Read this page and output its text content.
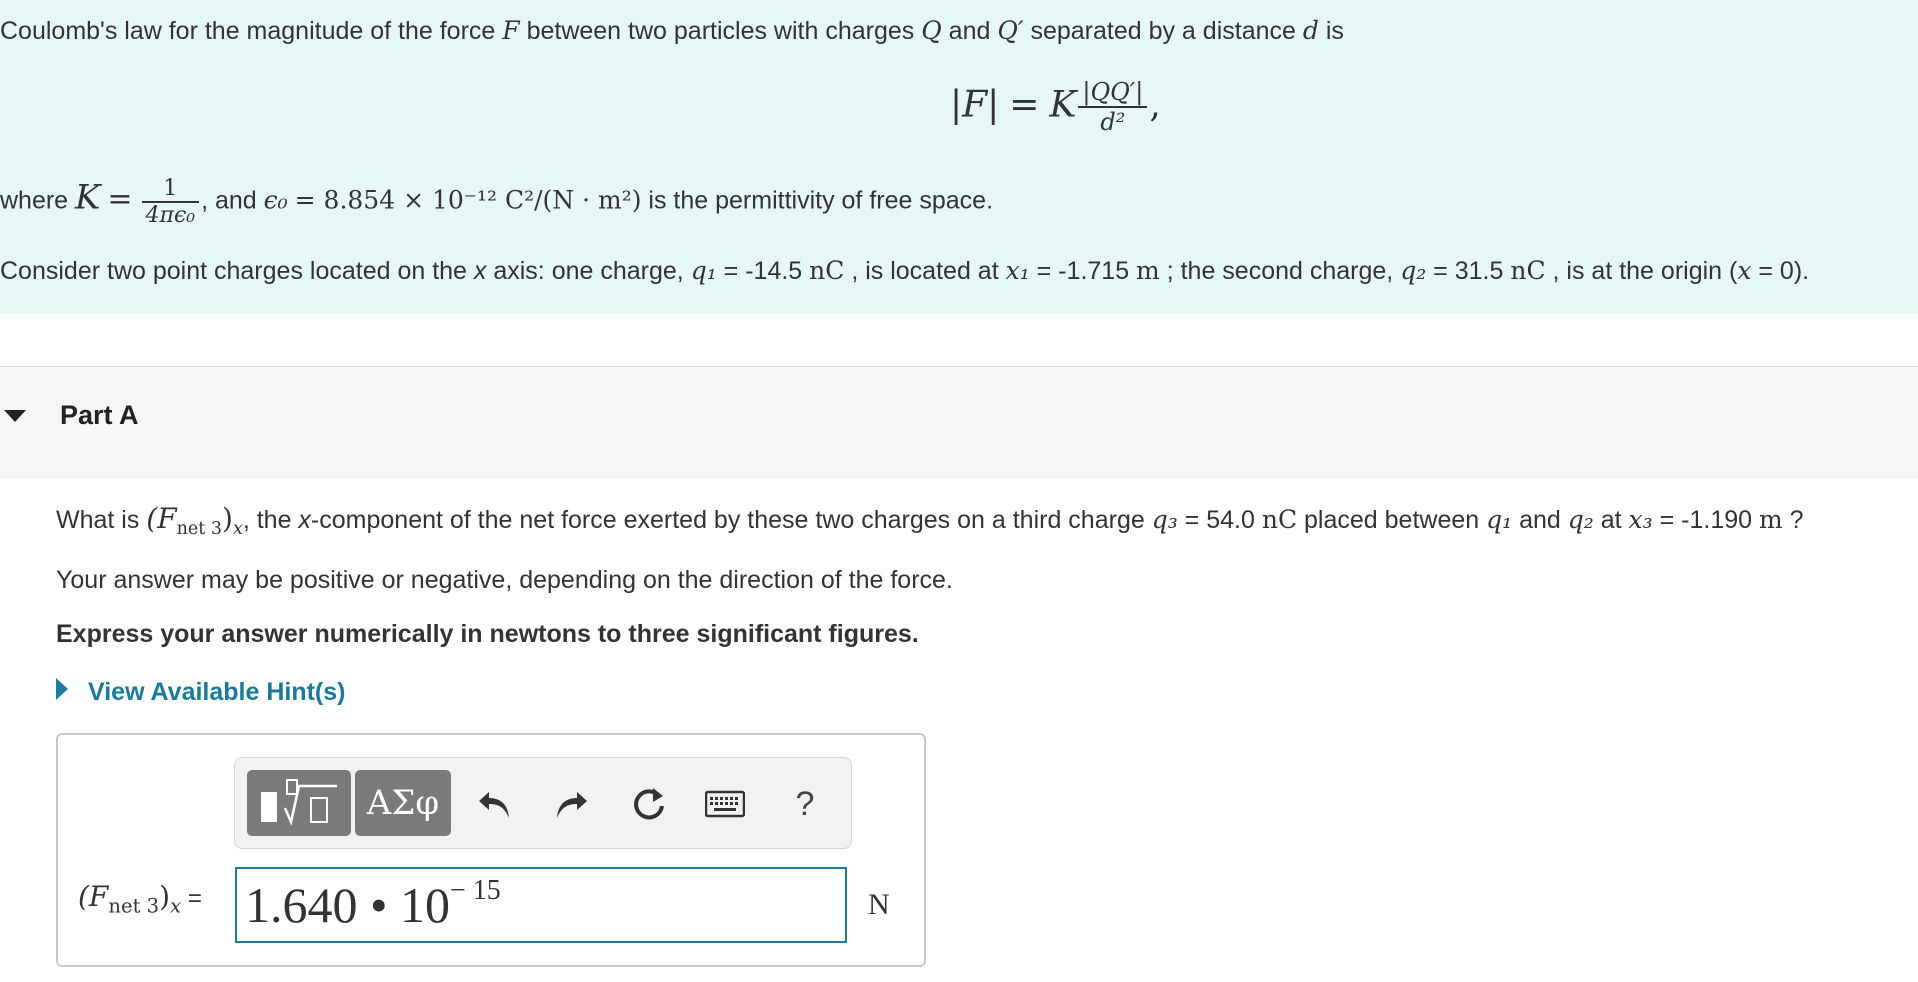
Coulomb's law for the magnitude of the force F between two particles with charges Q and Q′ separated by a distance d is
|F| = K $\frac{|QQ'|}{\text{d²}}$ ,
where $K = \frac{1}{\text{4πϵ₀}}$ , and ϵ₀ = 8.854 × 10⁻¹² C²/(N · m²) is the permittivity of free space.
Consider two point charges located on the x axis: one charge, q₁ = -14.5 nC , is located at x₁ = -1.715 m ; the second charge, q₂ = 31.5 nC , is at the origin (x = 0).
Part A
What is $(F_{net 3})_x$, the x-component of the net force exerted by these two charges on a third charge q₃ = 54.0 nC placed between q₁ and q₂ at x₃ = -1.190 m ?
Your answer may be positive or negative, depending on the direction of the force.
Express your answer numerically in newtons to three significant figures.
View Available Hint(s)
ΑΣφ	?
$(F_{net 3})_x = 1.640$ • $10^{- 15}$	N
